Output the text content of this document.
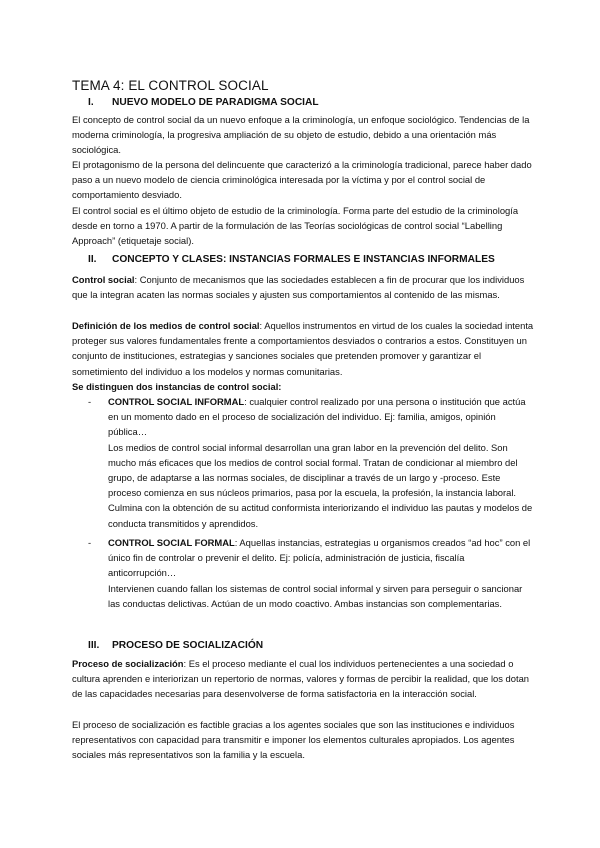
TEMA 4: EL CONTROL SOCIAL
I. NUEVO MODELO DE PARADIGMA SOCIAL
El concepto de control social da un nuevo enfoque a la criminología, un enfoque sociológico. Tendencias de la moderna criminología, la progresiva ampliación de su objeto de estudio, debido a una orientación más sociológica.
El protagonismo de la persona del delincuente que caracterizó a la criminología tradicional, parece haber dado paso a un nuevo modelo de ciencia criminológica interesada por la víctima y por el control social de comportamiento desviado.
El control social es el último objeto de estudio de la criminología. Forma parte del estudio de la criminología desde en torno a 1970. A partir de la formulación de las Teorías sociológicas de control social “Labelling Approach” (etiquetaje social).
II. CONCEPTO Y CLASES: INSTANCIAS FORMALES E INSTANCIAS INFORMALES
Control social: Conjunto de mecanismos que las sociedades establecen a fin de procurar que los individuos que la integran acaten las normas sociales y ajusten sus comportamientos al contenido de las mismas.
Definición de los medios de control social: Aquellos instrumentos en virtud de los cuales la sociedad intenta proteger sus valores fundamentales frente a comportamientos desviados o contrarios a estos. Constituyen un conjunto de instituciones, estrategias y sanciones sociales que pretenden promover y garantizar el sometimiento del individuo a los modelos y normas comunitarias.
Se distinguen dos instancias de control social:
-	CONTROL SOCIAL INFORMAL: cualquier control realizado por una persona o institución que actúa en un momento dado en el proceso de socialización del individuo. Ej: familia, amigos, opinión pública…
Los medios de control social informal desarrollan una gran labor en la prevención del delito. Son mucho más eficaces que los medios de control social formal. Tratan de condicionar al miembro del grupo, de adaptarse a las normas sociales, de disciplinar a través de un largo y -proceso. Este proceso comienza en sus núcleos primarios, pasa por la escuela, la profesión, la instancia laboral. Culmina con la obtención de su actitud conformista interiorizando el individuo las pautas y modelos de conducta transmitidos y aprendidos.
-	CONTROL SOCIAL FORMAL: Aquellas instancias, estrategias u organismos creados “ad hoc” con el único fin de controlar o prevenir el delito. Ej: policía, administración de justicia, fiscalía anticorrupción…
Intervienen cuando fallan los sistemas de control social informal y sirven para perseguir o sancionar las conductas delictivas. Actúan de un modo coactivo. Ambas instancias son complementarias.
III. PROCESO DE SOCIALIZACIÓN
Proceso de socialización: Es el proceso mediante el cual los individuos pertenecientes a una sociedad o cultura aprenden e interiorizan un repertorio de normas, valores y formas de percibir la realidad, que los dotan de las capacidades necesarias para desenvolverse de forma satisfactoria en la interacción social.
El proceso de socialización es factible gracias a los agentes sociales que son las instituciones e individuos representativos con capacidad para transmitir e imponer los elementos culturales apropiados. Los agentes sociales más representativos son la familia y la escuela.
